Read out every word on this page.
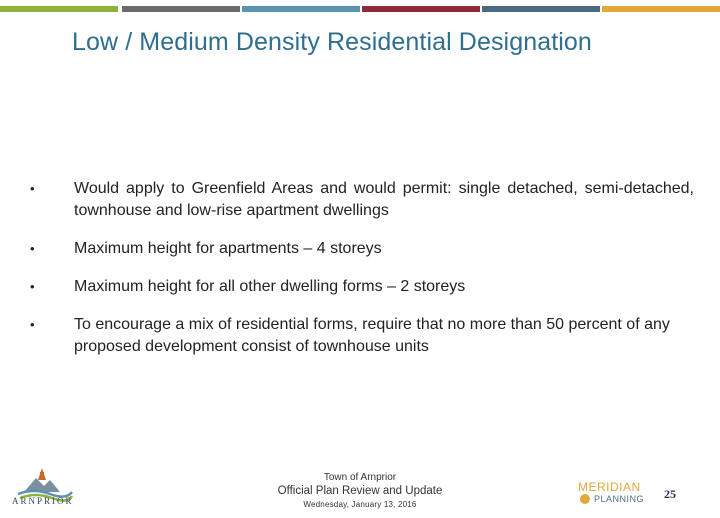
Low / Medium Density Residential Designation
•	Would apply to Greenfield Areas and would permit: single detached, semi-detached, townhouse and low-rise apartment dwellings
•	Maximum height for apartments – 4 storeys
•	Maximum height for all other dwelling forms – 2 storeys
•	To encourage a mix of residential forms, require that no more than 50 percent of any proposed development consist of townhouse units
ARNPRIOR
Town of Arnprior
Official Plan Review and Update
Wednesday, January 13, 2016
MERIDIAN
PLANNING 25
